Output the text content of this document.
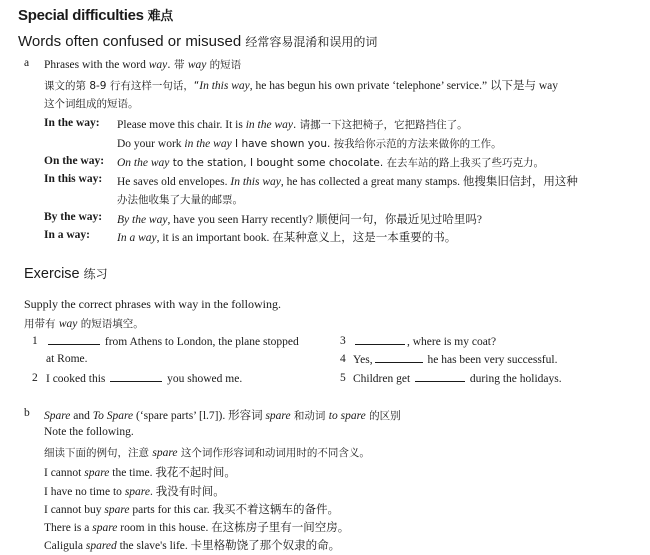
Special difficulties 难点
Words often confused or misused 经常容易混淆和误用的词
a Phrases with the word way. 带 way 的短语
课文的第 8-9 行有这样一句话，“In this way, he has begun his own private ‘telephone’ service.” 以下是与 way
这个词组成的短语。
In the way: Please move this chair. It is in the way. 请挪一下这把椅子，它把路挡住了。
Do your work in the way I have shown you. 按我给你示范的方法来做你的工作。
On the way: On the way to the station, I bought some chocolate. 在去车站的路上我买了些巧克力。
In this way: He saves old envelopes. In this way, he has collected a great many stamps. 他搜集旧信封，用这种
办法他收集了大量的邮票。
By the way: By the way, have you seen Harry recently? 顺便问一句，你最近见过哈里吗?
In a way: In a way, it is an important book. 在某种意义上，这是一本重要的书。
Exercise 练习
Supply the correct phrases with way in the following.
用带有 way 的短语填空。
1	from Athens to London, the plane stopped
at Rome.
2 I cooked this	you showed me.
3	, where is my coat?
4 Yes,	he has been very successful.
5 Children get	during the holidays.
b Spare and To Spare (‘spare parts’ [l.7]). 形容词 spare 和动词 to spare 的区别
Note the following.
细读下面的例句，注意 spare 这个词作形容词和动词用时的不同含义。
I cannot spare the time. 我花不起时间。
I have no time to spare. 我没有时间。
I cannot buy spare parts for this car. 我买不着这辆车的备件。
There is a spare room in this house. 在这栋房子里有一间空房。
Caligula spared the slave's life. 卡里格勒饶了那个奴隶的命。
